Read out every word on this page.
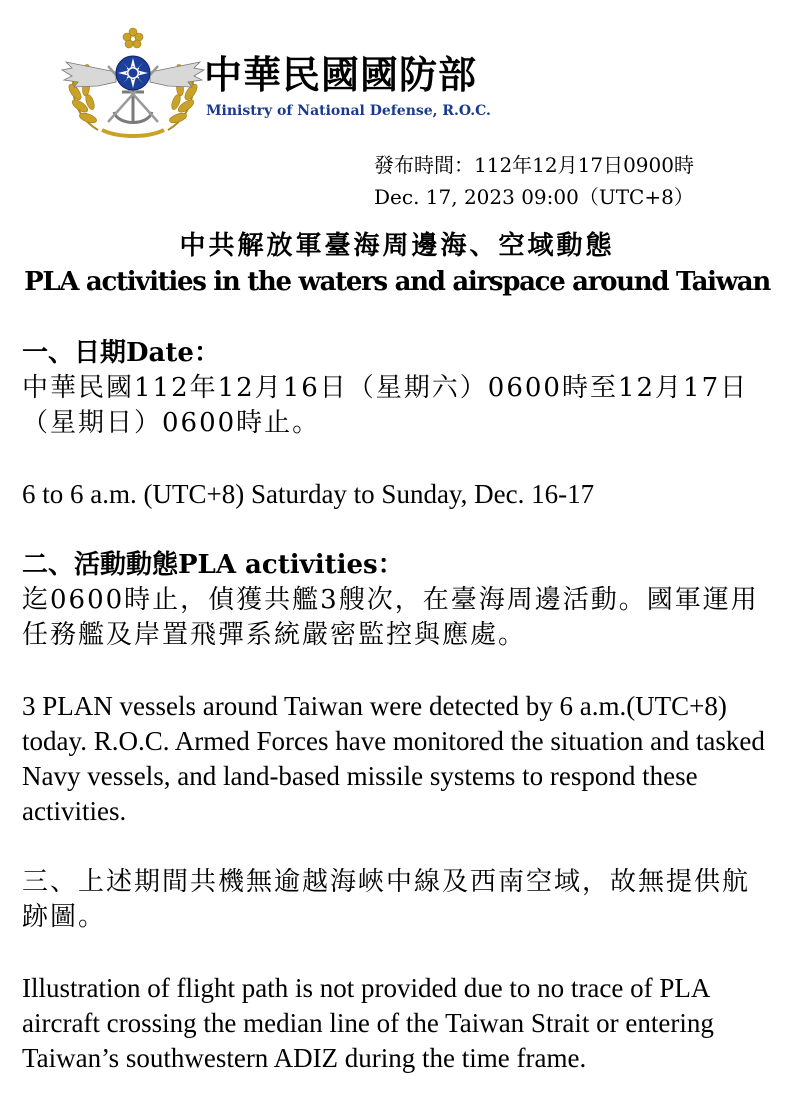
中華民國國防部
Ministry of National Defense, R.O.C.
發布時間：112年12月17日0900時
Dec. 17, 2023 09:00（UTC+8）
中共解放軍臺海周邊海、空域動態
PLA activities in the waters and airspace around Taiwan

一、日期Date：

中華民國112年12月16日（星期六）0600時至12月17日（星期日）0600時止。

6 to 6 a.m. (UTC+8) Saturday to Sunday, Dec. 16-17

二、活動動態PLA activities：

迄0600時止，偵獲共艦3艘次，在臺海周邊活動。國軍運用任務艦及岸置飛彈系統嚴密監控與應處。

3 PLAN vessels around Taiwan were detected by 6 a.m.(UTC+8) today. R.O.C. Armed Forces have monitored the situation and tasked Navy vessels, and land-based missile systems to respond these activities.

三、上述期間共機無逾越海峽中線及西南空域，故無提供航跡圖。

Illustration of flight path is not provided due to no trace of PLA aircraft crossing the median line of the Taiwan Strait or entering Taiwan’s southwestern ADIZ during the time frame.
